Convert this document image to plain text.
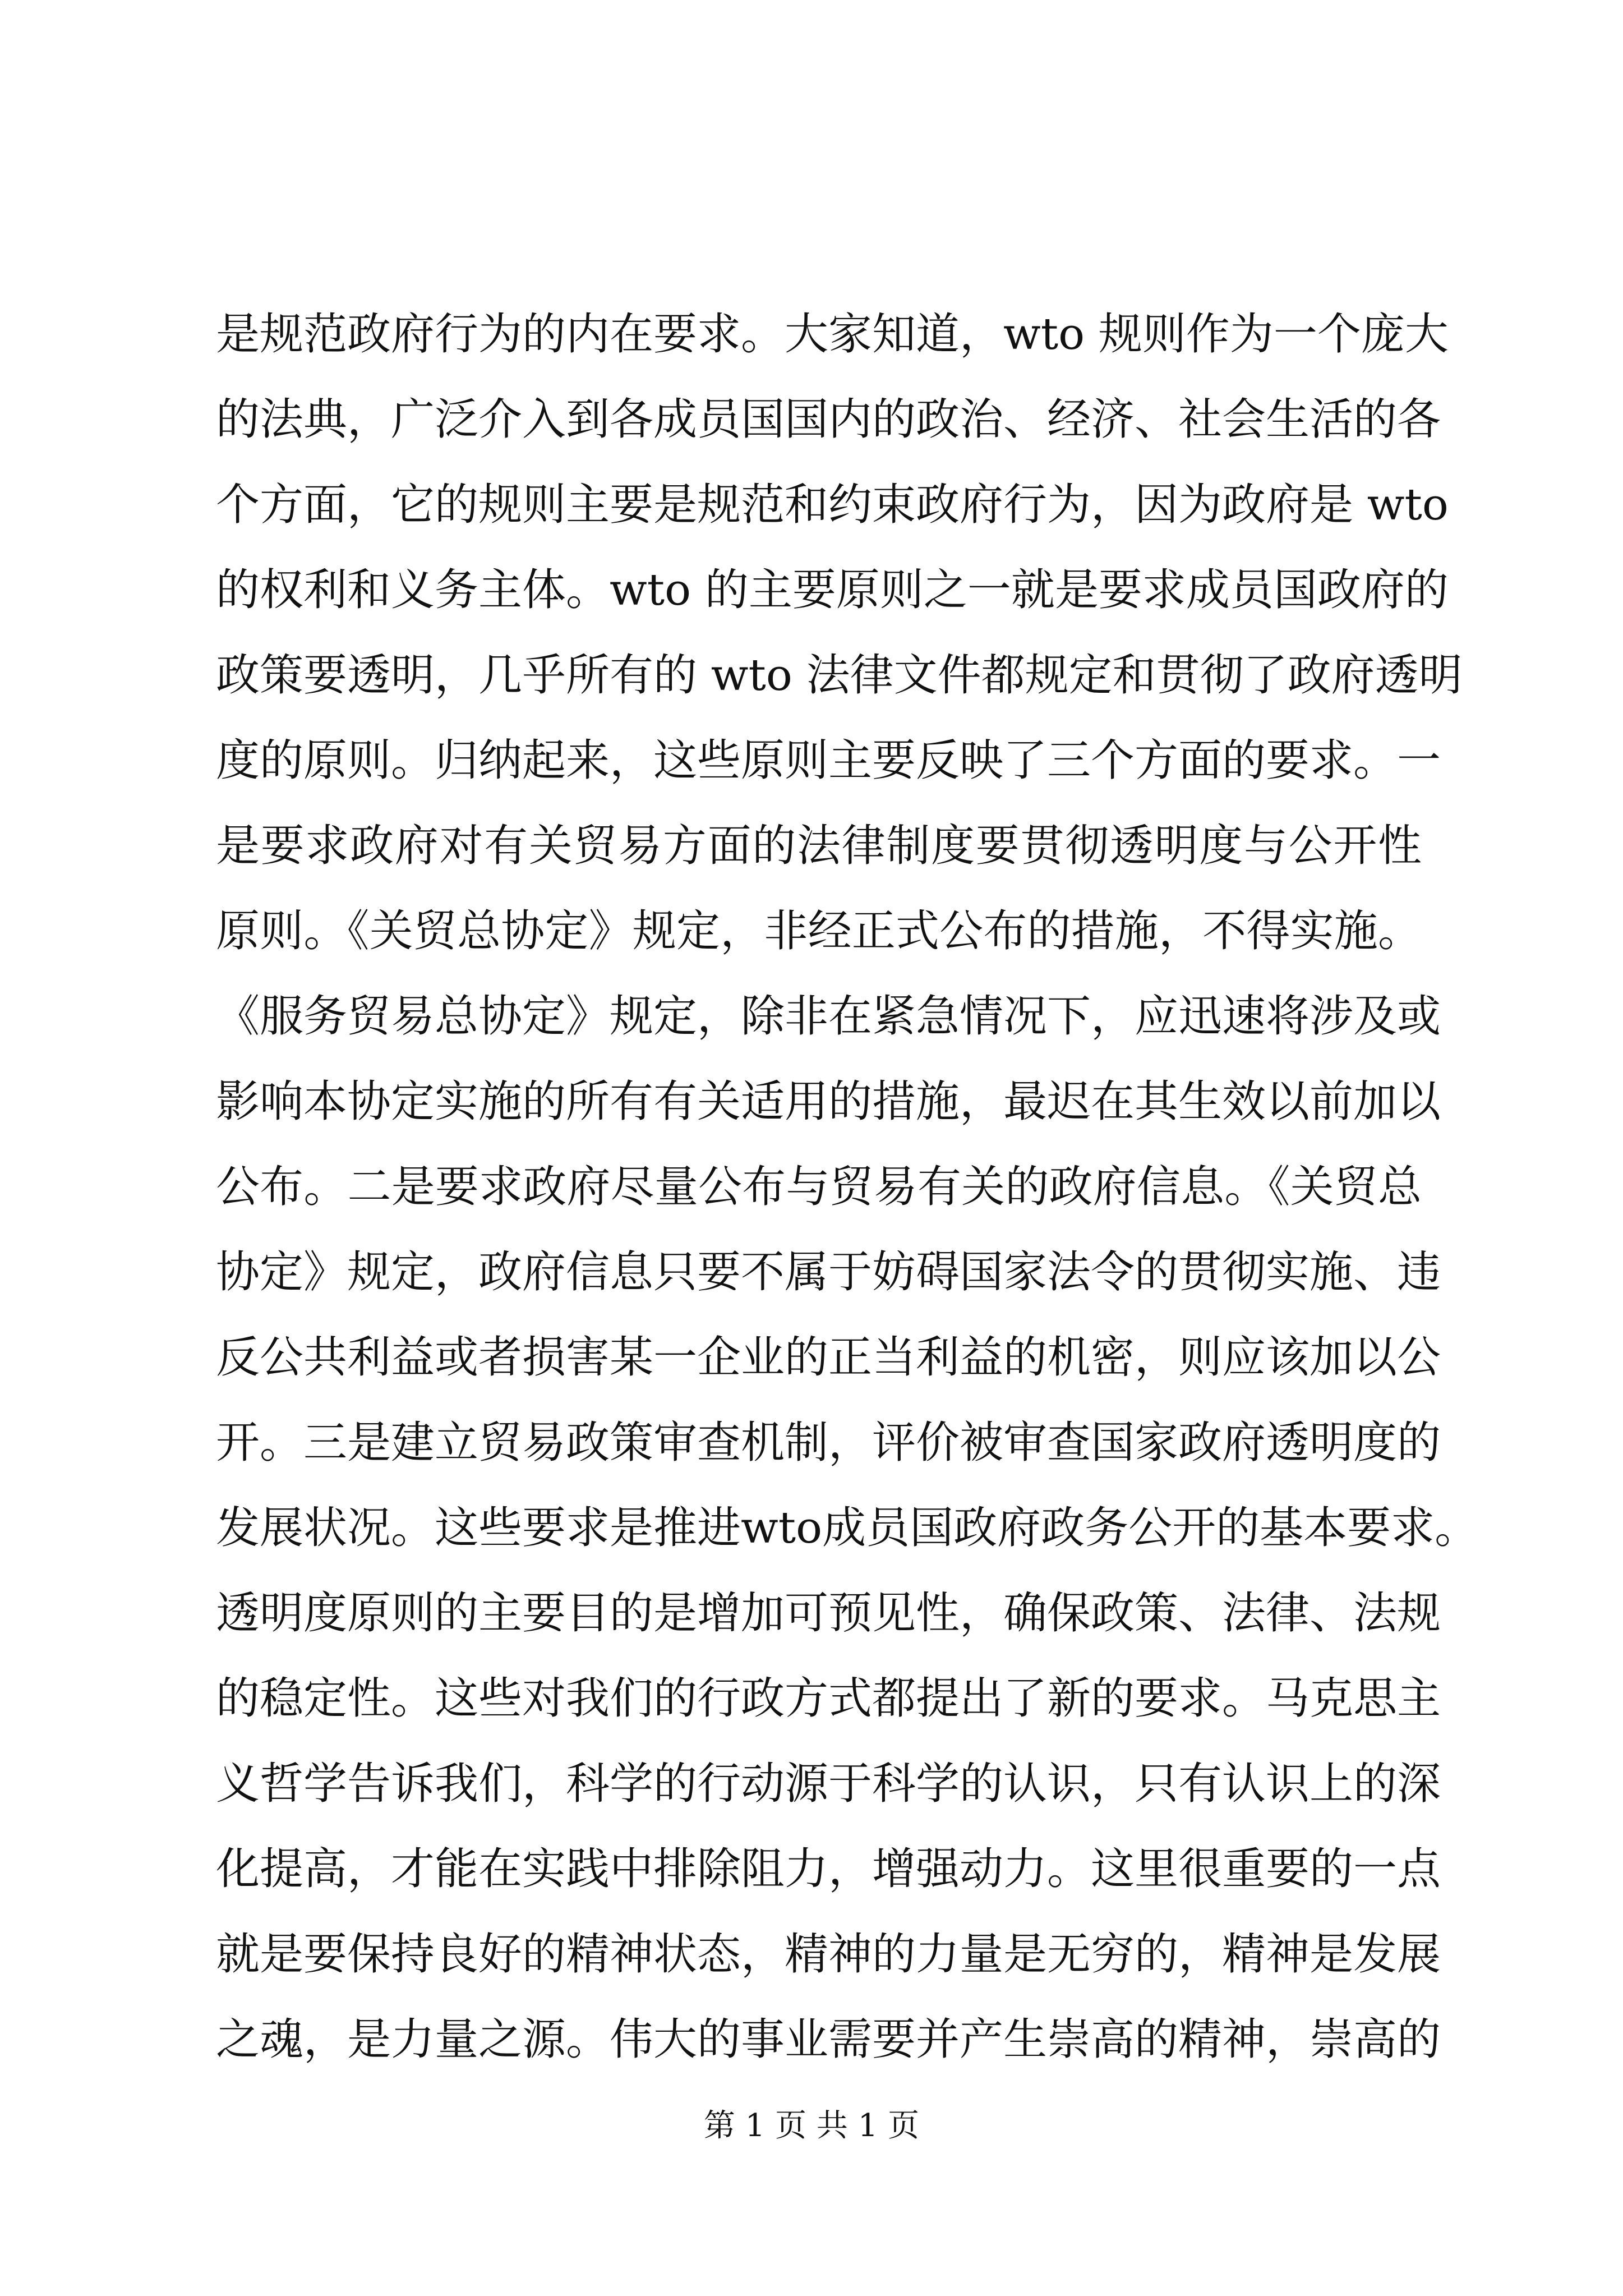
是规范政府行为的内在要求。大家知道，wto 规则作为一个庞大
的法典，广泛介入到各成员国国内的政治、经济、社会生活的各
个方面，它的规则主要是规范和约束政府行为，因为政府是 wto
的权利和义务主体。wto 的主要原则之一就是要求成员国政府的
政策要透明，几乎所有的 wto 法律文件都规定和贯彻了政府透明
度的原则。归纳起来，这些原则主要反映了三个方面的要求。一
是要求政府对有关贸易方面的法律制度要贯彻透明度与公开性
原则。《关贸总协定》规定，非经正式公布的措施，不得实施。
《服务贸易总协定》规定，除非在紧急情况下，应迅速将涉及或
影响本协定实施的所有有关适用的措施，最迟在其生效以前加以
公布。二是要求政府尽量公布与贸易有关的政府信息。《关贸总
协定》规定，政府信息只要不属于妨碍国家法令的贯彻实施、违
反公共利益或者损害某一企业的正当利益的机密，则应该加以公
开。三是建立贸易政策审查机制，评价被审查国家政府透明度的
发展状况。这些要求是推进wto成员国政府政务公开的基本要求。
透明度原则的主要目的是增加可预见性，确保政策、法律、法规
的稳定性。这些对我们的行政方式都提出了新的要求。马克思主
义哲学告诉我们，科学的行动源于科学的认识，只有认识上的深
化提高，才能在实践中排除阻力，增强动力。这里很重要的一点
就是要保持良好的精神状态，精神的力量是无穷的，精神是发展
之魂，是力量之源。伟大的事业需要并产生崇高的精神，崇高的
第 1 页 共 1 页
